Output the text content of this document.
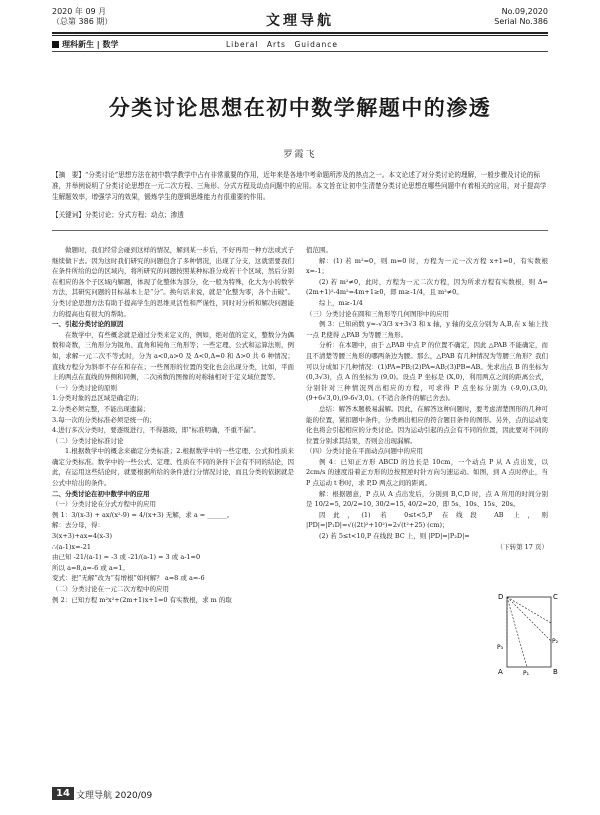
2020 年 09 月
（总第 386 期）	文理导航
No.09,2020
Serial No.386
理科新生 | 数学	Liberal　Arts　Guidance
分类讨论思想在初中数学解题中的渗透
罗霞飞
【摘　要】“分类讨论”思想方法在初中数学教学中占有非常重要的作用，近年来是各地中考命题所涉及的热点之一。本文论述了对分类讨论的理解，一般步骤及讨论的标准，并举例说明了分类讨论思想在一元二次方程、三角形、分式方程及动点问题中的应用。本文旨在让初中生清楚分类讨论思想在哪些问题中有着相关的应用，对于提高学生解题效率，增强学习的效果，锻炼学生的逻辑思维能力有很重要的作用。
【关键词】分类讨论；分式方程；动点；渗透

做题时，我们经常会碰到这样的情况，解到某一步后，不好再用一种方法或式子继续做下去。因为这时我们研究的问题包含了多种情况，出现了分支，这就需要我们在条件所给的总的区域内，将所研究的问题按照某种标准分成若干个区域，然后分别在相应的各个子区域内解题，体现了化整体为部分，化一般为特殊，化大为小的数学方法，其研究问题的目标基本上是“分”。换句话来说，就是“化整为零，各个击破”。分类讨论思想方法有助于提高学生的思维灵活性和严谨性，同时对分析和解决问题能力的提高也有很大的帮助。

一、引起分类讨论的原因

在数学中，有些概念就是通过分类来定义的，例如，绝对值的定义，整数分为偶数和奇数，三角形分为锐角、直角和钝角三角形等；一些定理、公式和运算法则，例如，求解一元二次不等式时，分为 a<0,a>0 及 Δ<0,Δ=0 和 Δ>0 共 6 种情况；直线方程分为斜率不存在和存在；一些图形的位置的变化也会出现分类，比如，平面上的两点在直线的异侧和同侧，二次函数的图像的对称轴相对于定义域位置等。

（一）分类讨论的原则

1.分类对象的总区域是确定的；

2.分类必须完整，不能出现遗漏；

3.每一次的分类标准必须是统一的；

4.进行多次分类时，要逐级进行，不得越级，即“标准明确，不重不漏”。

（二）分类讨论标准讨论

1.根据数学中的概念来确定分类标准；2.根据数学中的一些定理、公式和性质来确定分类标准。数学中的一些公式、定理、性质在不同的条件下会有不同的结论，因此，在运用这些结论时，就要根据所给的条件进行分情况讨论，而且分类的依据就是公式中给出的条件。

二、分类讨论在初中数学中的应用

（一）分类讨论在分式方程中的应用

例 1：3/(x-3) + ax/(x²-9) = 4/(x+3) 无解，求 a = ______。

解：去分母，得：

3(x+3)+ax=4(x-3)

∴(a-1)x=-21

由已知 -21/(a-1) = -3 或 -21/(a-1) = 3 或 a-1=0

所以 a=8,a=-6 或 a=1。

变式：把“无解”改为“有增根”如何解？ a=8 或 a=-6

（二）分类讨论在一元二次方程中的应用

例 2：已知方程 m²x²+(2m+1)x+1=0 有实数根，求 m 的取

值范围。

解：(1) 若 m²=0，则 m=0 时，方程为一元一次方程 x+1=0，有实数根 x=-1；

(2) 若 m²≠0，此时，方程为一元二次方程，因为所求方程有实数根，则 Δ=(2m+1)²-4m²=4m+1≥0，即 m≥-1/4，且 m²≠0。

综上，m≥-1/4

（三）分类讨论在圆和三角形等几何图形中的应用

例 3：已知函数 y=-√3/3 x+3√3 和 x 轴，y 轴的交点分别为 A,B,在 x 轴上找一点 P,使得 △PAB 为等腰三角形。

分析：在本题中，由于 △PAB 中点 P 的位置不确定，因此 △PAB 不能确定，而且不清楚等腰三角形的哪两条边为腰。那么，△PAB 有几种情况为等腰三角形？我们可以分成如下几种情况：(1)PA=PB;(2)PA=AB;(3)PB=AB。先求出点 B 的坐标为 (0,3√3)，点 A 的坐标为 (9,0)。设点 P 坐标是 (X,0)，利用两点之间的距离公式，分别针对三种情况列出相应的方程，可求得 P 点坐标分别为 (-9,0),(3,0),(9+6√3,0),(9-6√3,0)。(不适合条件的解已舍去)。

总结：解答本题极易漏解。因此，在解答这种问题时，要考虑清楚图形的几种可能的位置，紧扣题中条件，分类画出相应的符合题目条件的图形。另外，点的运动变化也将会引起相应的分类讨论。因为运动引起的点会有不同的位置，因此要对不同的位置分别求其结果，否则会出现漏解。

（四）分类讨论在平面动点问题中的应用

例 4：已知正方形 ABCD 的边长是 10cm，一个动点 P 从 A 点出发，以 2cm/s 的速度沿着正方形的边按照逆时针方向匀速运动。如图，到 A 点时停止，当 P 点运动 t 秒时，求 P,D 两点之间的距离。

解：根据题意，P 点从 A 点出发后，分别到 B,C,D 时，点 A 所用的时间分别是 10/2=5, 20/2=10, 30/2=15, 40/2=20，即 5s、10s、15s、20s。

因此，(1) 若 0≤t<5,P 在线段 AB 上，则 |PD|=|P₁D|=√((2t)²+10²)=2√(t²+25) (cm)；

(2) 若 5≤t<10,P 在线段 BC 上，则 |PD|=|P₂D|=

（下转第 17 页）

D	C
A	B
P₁
P₂
P₃
14 文理导航 2020/09
